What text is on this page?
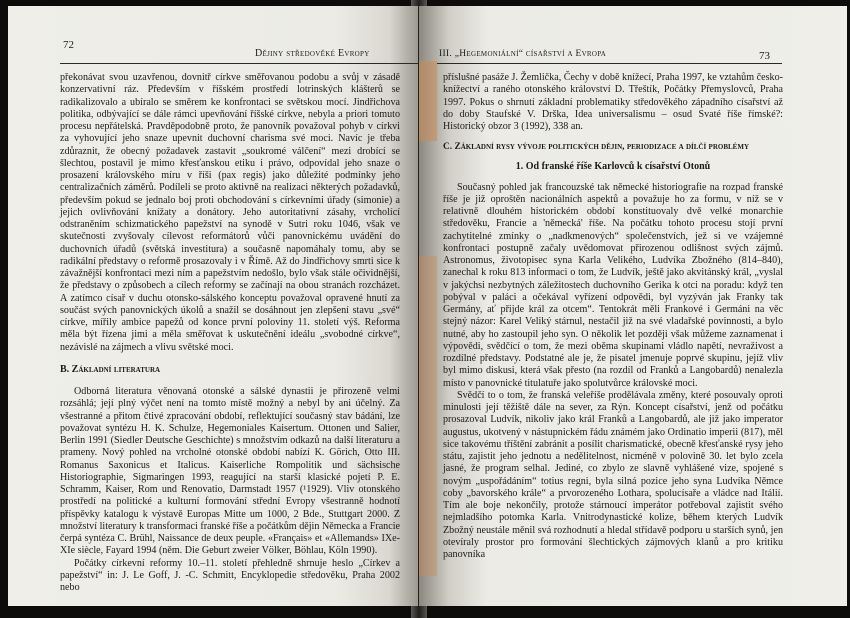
72
Dějiny středověké Evropy

překonávat svou uzavřenou, dovnitř církve směřovanou podobu a svůj v zásadě konzervativní ráz. Především v říšském prostředí lotrinských klášterů se radikalizovalo a ubíralo se směrem ke konfrontaci se světskou mocí. Jindřichova politika, odbývající se dále rámci upevňování říšské církve, nebyla a priori tomuto procesu nepřátelská. Pravděpodobně proto, že panovník považoval pohyb v církvi za vyhovující jeho snaze upevnit duchovní charisma své moci. Navíc je třeba zdůraznit, že obecný požadavek zastavit „soukromé válčení“ mezi drobící se šlechtou, postavil je mimo křesťanskou etiku i právo, odpovídal jeho snaze o prosazení královského míru v říši (pax regis) jako důležité podmínky jeho centralizačních záměrů. Podíleli se proto aktivně na realizaci některých požadavků, především pokud se jednalo boj proti obchodování s církevními úřady (simonie) a jejich ovlivňování knížaty a donátory. Jeho autoritativní zásahy, vrcholící odstraněním schizmatického papežství na synodě v Sutri roku 1046, však ve skutečnosti zvyšovaly cílevost reformátorů vůči panovnickému uvádění do duchovních úřadů (světská investitura) a současně napomáhaly tomu, aby se radikální představy o reformě prosazovaly i v Římě. Až do Jindřichovy smrti sice k závažnější konfrontaci mezi ním a papežstvím nedošlo, bylo však stále očividnější, že představy o způsobech a cílech reformy se začínají na obou stranách rozcházet. A zatímco císař v duchu otonsko-sálského konceptu považoval opravené hnutí za součást svých panovnických úkolů a snažil se dosáhnout jen zlepšení stavu „své“ církve, mířily ambice papežů od konce první poloviny 11. století výš. Reforma měla být řízena jimi a měla směřovat k uskutečnění ideálu „svobodné církve“, nezávislé na zájmech a vlivu světské moci.

B. Základní literatura

Odborná literatura věnovaná otonské a sálské dynastii je přirozeně velmi rozsáhlá; její plný výčet není na tomto místě možný a nebyl by ani účelný. Za všestranné a přitom čtivé zpracování období, reflektující současný stav bádání, lze považovat syntézu H. K. Schulze, Hegemoniales Kaisertum. Ottonen und Salier, Berlin 1991 (Siedler Deutsche Geschichte) s množstvím odkazů na další literaturu a prameny. Nový pohled na vrcholné otonské období nabízí K. Görich, Otto III. Romanus Saxonicus et Italicus. Kaiserliche Rompolitik und sächsische Historiographie, Sigmaringen 1993, reagující na starší klasické pojetí P. E. Schramm, Kaiser, Rom und Renovatio, Darmstadt 1957 (¹1929). Vliv otonského prostředí na politické a kulturní formování střední Evropy všestranně hodnotí příspěvky katalogu k výstavě Europas Mitte um 1000, 2 Bde., Stuttgart 2000. Z množství literatury k transformaci franské říše a počátkům dějin Německa a Francie čerpá syntéza C. Brühl, Naissance de deux peuple. «Français» et «Allemands» IXe-XIe siècle, Fayard 1994 (něm. Die Geburt zweier Völker, Böhlau, Köln 1990).

Počátky církevní reformy 10.–11. století přehledně shrnuje heslo „Církev a papežství“ in: J. Le Goff, J. -C. Schmitt, Encyklopedie středověku, Praha 2002 nebo

III. „Hegemoniální“ císařství a Evropa	73

příslušné pasáže J. Žemlička, Čechy v době knížecí, Praha 1997, ke vztahům česko-knížectví a raného otonského království D. Třeštík, Počátky Přemyslovců, Praha 1997. Pokus o shrnutí základní problematiky středověkého západního císařství až do doby Staufské V. Drška, Idea universalismu – osud Svaté říše římské?: Historický obzor 3 (1992), 338 an.

C. Základní rysy vývoje politických dějin, periodizace a dílčí problémy
1. Od franské říše Karlovců k císařství Otonů

Současný pohled jak francouzské tak německé historiografie na rozpad franské říše je již oproštěn nacionálních aspektů a považuje ho za formu, v níž se v relativně dlouhém historickém období konstituovaly dvě velké monarchie středověku, Francie a 'německá' říše. Na počátku tohoto procesu stojí první zachytitelné zmínky o „nadkmenových“ společenstvích, jež si ve vzájemné konfrontaci postupně začaly uvědomovat přirozenou odlišnost svých zájmů. Astronomus, životopisec syna Karla Velikého, Ludvíka Zbožného (814–840), zanechal k roku 813 informaci o tom, že Ludvík, ještě jako akvitánský král, „vyslal v jakýchsi nezbytných záležitostech duchovního Gerika k otci na poradu: když ten pobýval v paláci a očekával vyřízení odpovědi, byl vyzýván jak Franky tak Germány, ať přijde král za otcem“. Tentokrát měli Frankové i Germáni na věc stejný názor: Karel Veliký stárnul, nestačil již na své vladařské povinnosti, a bylo nutné, aby ho zastoupil jeho syn. O několik let později však můžeme zaznamenat i výpovědi, svědčící o tom, že mezi oběma skupinami vládlo napětí, nevraživost a rozdílné představy. Podstatné ale je, že pisatel jmenuje poprvé skupinu, jejíž vliv byl mimo diskusi, která však přesto (na rozdíl od Franků a Langobardů) nenalezla místo v panovnické titulatuře jako spolutvůrce královské moci.

Svědčí to o tom, že franská veleříše prodělávala změny, které posouvaly oproti minulosti její těžiště dále na sever, za Rýn. Koncept císařství, jenž od počátku prosazoval Ludvík, nikoliv jako král Franků a Langobardů, ale již jako imperator augustus, ukotvený v nástupnickém řádu známém jako Ordinatio imperii (817), měl sice takovému tříštění zabránit a posílit charismatické, obecně křesťanské rysy jeho státu, zajistit jeho jednotu a nedělitelnost, nicméně v polovině 30. let bylo zcela jasné, že program selhal. Jediné, co zbylo ze slavně vyhlášené vize, spojené s novým „uspořádáním“ totius regni, byla silná pozice jeho syna Ludvíka Němce coby „bavorského krále“ a prvorozeného Lothara, spolucísaře a vládce nad Itálií. Tím ale boje nekončily, protože stárnoucí imperátor potřeboval zajistit svého nejmladšího potomka Karla. Vnitrodynastické kolize, během kterých Ludvík Zbožný neustále měnil svá rozhodnutí a hledal střídavě podporu u starších synů, jen otevíraly prostor pro formování šlechtických zájmových klanů a pro kritiku panovníka
